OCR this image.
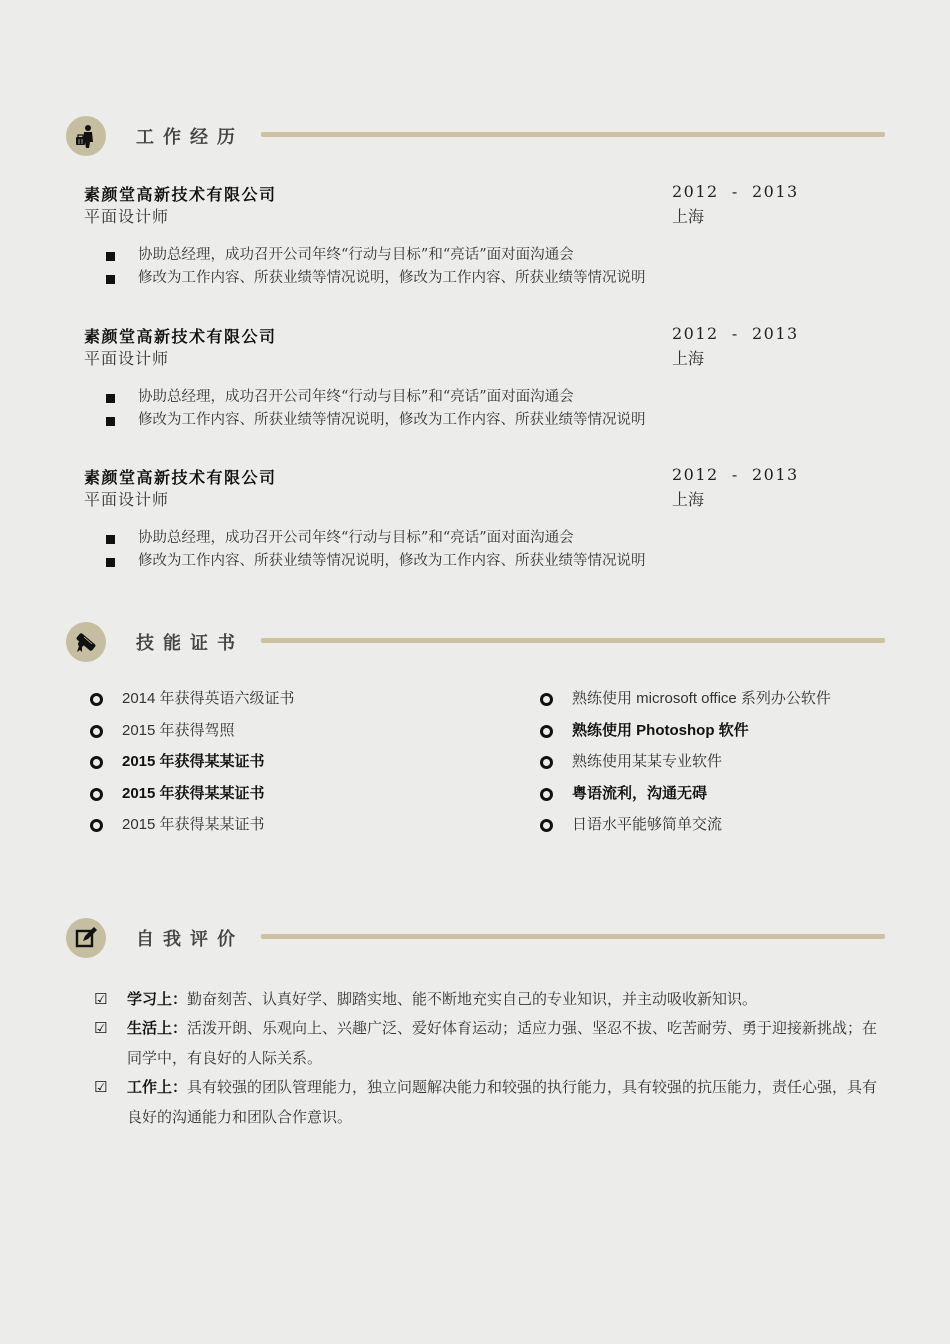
工作经历
素颜堂高新技术有限公司
平面设计师
2012  -  2013
上海
协助总经理，成功召开公司年终“行动与目标”和“亮话”面对面沟通会
修改为工作内容、所获业绩等情况说明，修改为工作内容、所获业绩等情况说明
素颜堂高新技术有限公司
平面设计师
2012  -  2013
上海
协助总经理，成功召开公司年终“行动与目标”和“亮话”面对面沟通会
修改为工作内容、所获业绩等情况说明，修改为工作内容、所获业绩等情况说明
素颜堂高新技术有限公司
平面设计师
2012  -  2013
上海
协助总经理，成功召开公司年终“行动与目标”和“亮话”面对面沟通会
修改为工作内容、所获业绩等情况说明，修改为工作内容、所获业绩等情况说明
技能证书
2014 年获得英语六级证书
2015 年获得驾照
2015 年获得某某证书
2015 年获得某某证书
2015 年获得某某证书
熟练使用 microsoft office 系列办公软件
熟练使用 Photoshop 软件
熟练使用某某专业软件
粤语流利，沟通无碍
日语水平能够简单交流
自我评价
☑ 学习上：勤奋刻苦、认真好学、脚踏实地、能不断地充实自己的专业知识，并主动吸收新知识。
☑ 生活上：活泼开朗、乐观向上、兴趣广泛、爱好体育运动；适应力强、坚忍不拔、吃苦耐劳、勇于迎接新挑战；在同学中，有良好的人际关系。
☑ 工作上：具有较强的团队管理能力，独立问题解决能力和较强的执行能力，具有较强的抗压能力，责任心强，具有良好的沟通能力和团队合作意识。
